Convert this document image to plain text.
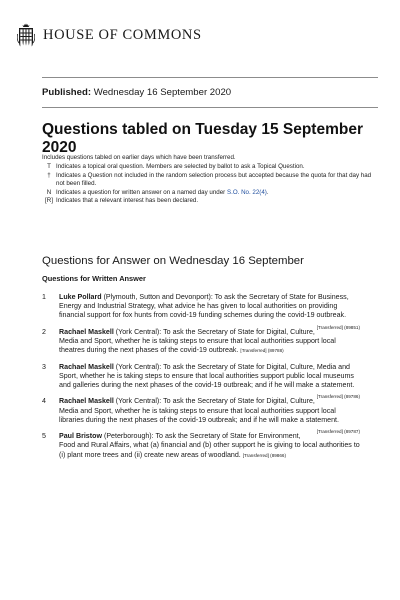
HOUSE OF COMMONS
Published: Wednesday 16 September 2020
Questions tabled on Tuesday 15 September 2020
Includes questions tabled on earlier days which have been transferred.
T Indicates a topical oral question. Members are selected by ballot to ask a Topical Question.
† Indicates a Question not included in the random selection process but accepted because the quota for that day had not been filled.
N Indicates a question for written answer on a named day under S.O. No. 22(4).
[R] Indicates that a relevant interest has been declared.
Questions for Answer on Wednesday 16 September
Questions for Written Answer
1 Luke Pollard (Plymouth, Sutton and Devonport): To ask the Secretary of State for Business, Energy and Industrial Strategy, what advice he has given to local authorities on providing financial support for fox hunts from covid-19 funding schemes during the covid-19 outbreak.
[Transferred] (89851)
2 Rachael Maskell (York Central): To ask the Secretary of State for Digital, Culture, Media and Sport, whether he is taking steps to ensure that local authorities support local theatres during the next phases of the covid-19 outbreak. [Transferred] (89788)
3 Rachael Maskell (York Central): To ask the Secretary of State for Digital, Culture, Media and Sport, whether he is taking steps to ensure that local authorities support public local museums and galleries during the next phases of the covid-19 outbreak; and if he will make a statement.
[Transferred] (89786)
4 Rachael Maskell (York Central): To ask the Secretary of State for Digital, Culture, Media and Sport, whether he is taking steps to ensure that local authorities support local libraries during the next phases of the covid-19 outbreak; and if he will make a statement.
[Transferred] (89787)
5 Paul Bristow (Peterborough): To ask the Secretary of State for Environment, Food and Rural Affairs, what (a) financial and (b) other support he is giving to local authorities to (i) plant more trees and (ii) create new areas of woodland. [Transferred] (89866)
